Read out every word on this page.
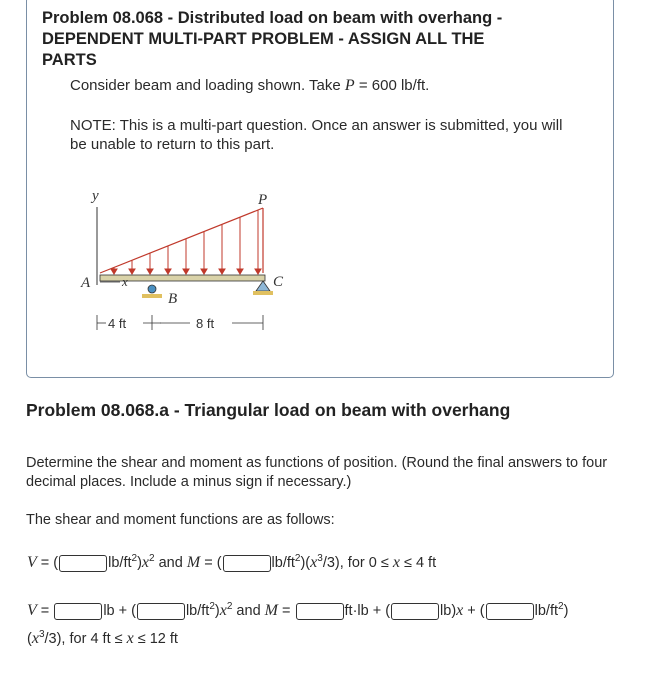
Problem 08.068 - Distributed load on beam with overhang - DEPENDENT MULTI-PART PROBLEM - ASSIGN ALL THE PARTS
Consider beam and loading shown. Take P = 600 lb/ft.
NOTE: This is a multi-part question. Once an answer is submitted, you will be unable to return to this part.
y	P
A x
B
C
4 ft	8 ft
Problem 08.068.a - Triangular load on beam with overhang
Determine the shear and moment as functions of position. (Round the final answers to four decimal places. Include a minus sign if necessary.)
The shear and moment functions are as follows:
V = (	$lb/ft^2)x^2$ and M = (	$lb/ft^2)(x^3/3)$, for 0 ≤ x ≤ 4 ft
V =	lb + (	$lb/ft^2)x^2$ and M =	ft·lb + (	lb)x + (	$lb/ft^2$)
$(x^3/3)$, for 4 ft ≤ x ≤ 12 ft
